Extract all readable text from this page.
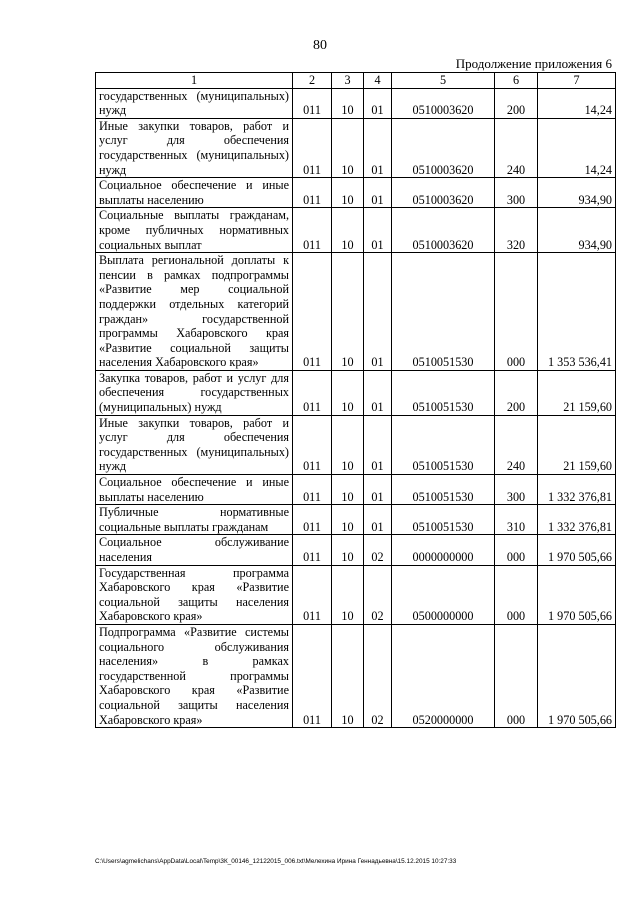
80
Продолжение приложения 6
1	2	3	4	5	6	7
государственных (муниципальных) нужд	011	10	01	0510003620	200	14,24
Иные закупки товаров, работ и услуг для обеспечения государственных (муниципальных) нужд	011	10	01	0510003620	240	14,24
Социальное обеспечение и иные выплаты населению	011	10	01	0510003620	300	934,90
Социальные выплаты гражданам, кроме публичных нормативных социальных выплат	011	10	01	0510003620	320	934,90
Выплата региональной доплаты к пенсии в рамках подпрограммы «Развитие мер социальной поддержки отдельных категорий граждан» государственной программы Хабаровского края «Развитие социальной защиты населения Хабаровского края»	011	10	01	0510051530	000	1 353 536,41
Закупка товаров, работ и услуг для обеспечения государственных (муниципальных) нужд	011	10	01	0510051530	200	21 159,60
Иные закупки товаров, работ и услуг для обеспечения государственных (муниципальных) нужд	011	10	01	0510051530	240	21 159,60
Социальное обеспечение и иные выплаты населению	011	10	01	0510051530	300	1 332 376,81
Публичные нормативные социальные выплаты гражданам	011	10	01	0510051530	310	1 332 376,81
Социальное обслуживание населения	011	10	02	0000000000	000	1 970 505,66
Государственная программа Хабаровского края «Развитие социальной защиты населения Хабаровского края»	011	10	02	0500000000	000	1 970 505,66
Подпрограмма «Развитие системы социального обслуживания населения» в рамках государственной программы Хабаровского края «Развитие социальной защиты населения Хабаровского края»	011	10	02	0520000000	000	1 970 505,66
C:\Users\agmelichans\AppData\Local\Temp\3К_00146_12122015_006.txt\Мелехина Ирина Геннадьевна\15.12.2015 10:27:33
